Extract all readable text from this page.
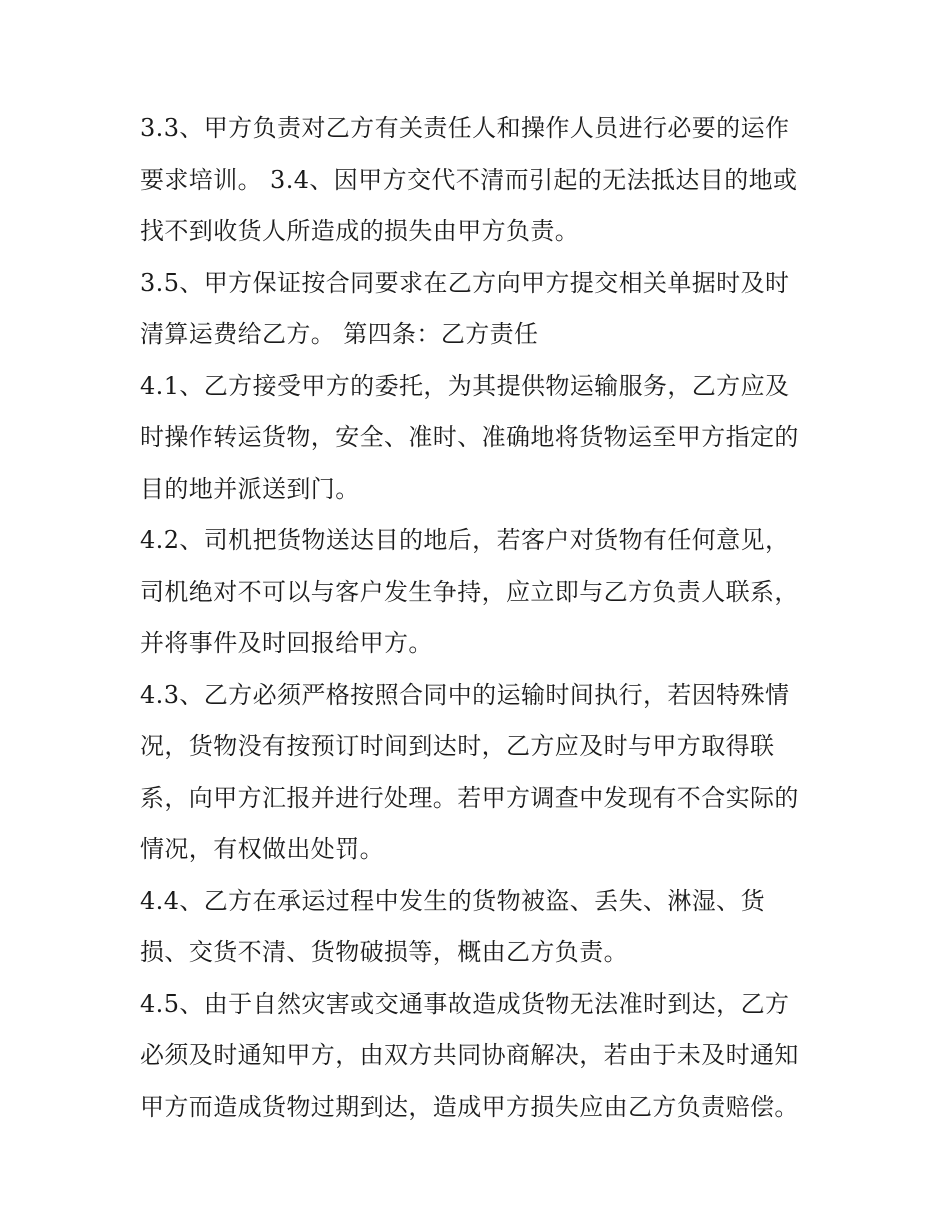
3.3、甲方负责对乙方有关责任人和操作人员进行必要的运作
要求培训。 3.4、因甲方交代不清而引起的无法抵达目的地或
找不到收货人所造成的损失由甲方负责。
3.5、甲方保证按合同要求在乙方向甲方提交相关单据时及时
清算运费给乙方。 第四条：乙方责任
4.1、乙方接受甲方的委托，为其提供物运输服务，乙方应及
时操作转运货物，安全、准时、准确地将货物运至甲方指定的
目的地并派送到门。
4.2、司机把货物送达目的地后，若客户对货物有任何意见，
司机绝对不可以与客户发生争持，应立即与乙方负责人联系，
并将事件及时回报给甲方。
4.3、乙方必须严格按照合同中的运输时间执行，若因特殊情
况，货物没有按预订时间到达时，乙方应及时与甲方取得联
系，向甲方汇报并进行处理。若甲方调查中发现有不合实际的
情况，有权做出处罚。
4.4、乙方在承运过程中发生的货物被盗、丢失、淋湿、货
损、交货不清、货物破损等，概由乙方负责。
4.5、由于自然灾害或交通事故造成货物无法准时到达，乙方
必须及时通知甲方，由双方共同协商解决，若由于未及时通知
甲方而造成货物过期到达，造成甲方损失应由乙方负责赔偿。
